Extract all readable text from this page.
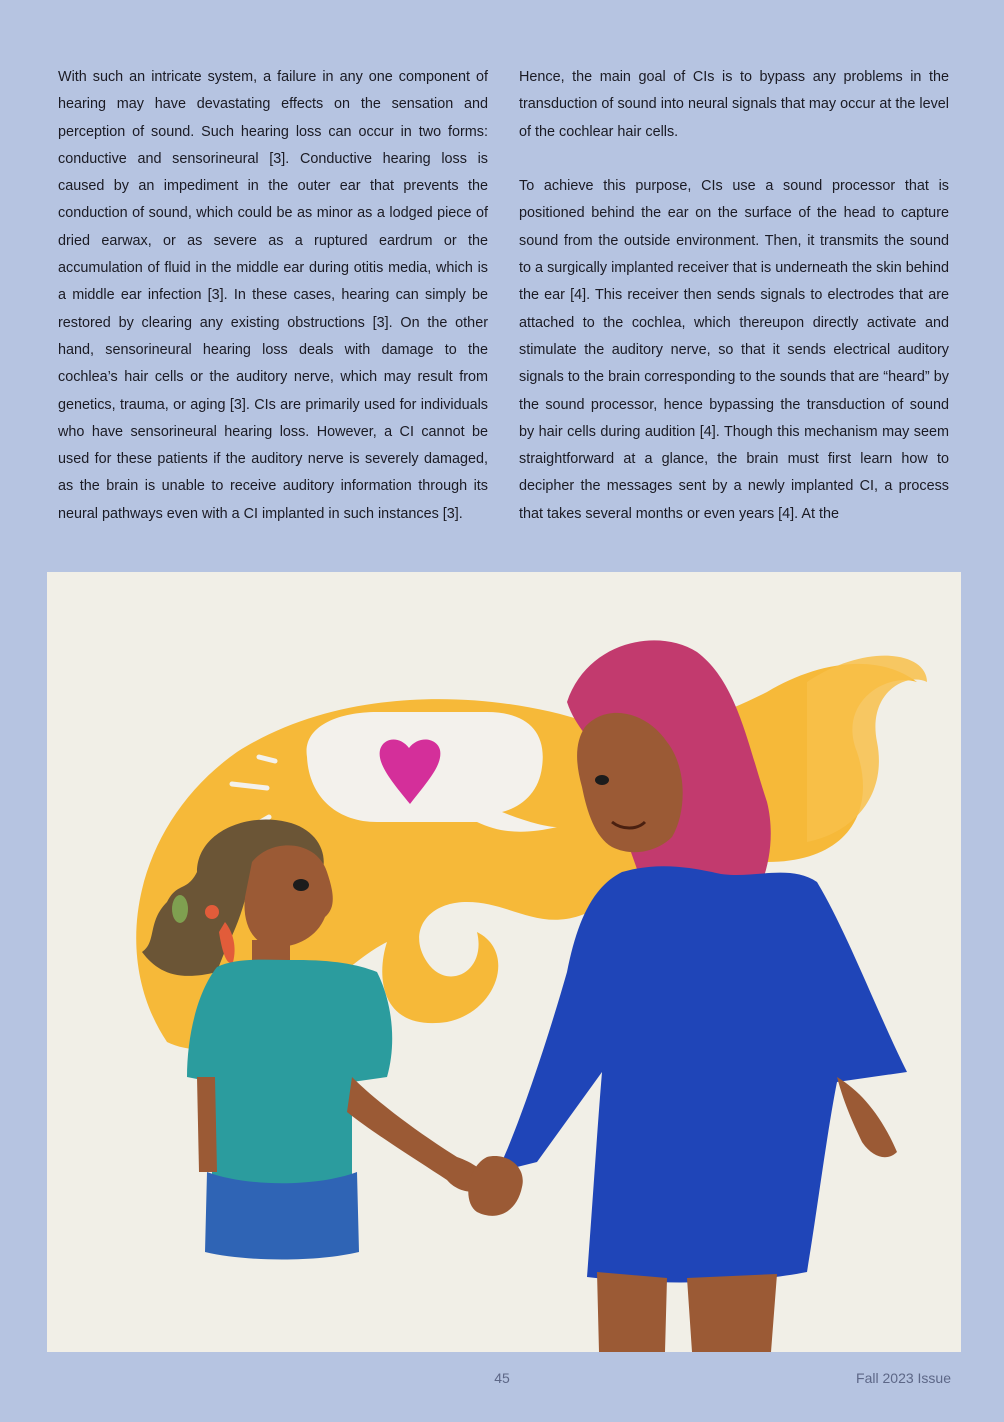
With such an intricate system, a failure in any one component of hearing may have devastating effects on the sensation and perception of sound. Such hearing loss can occur in two forms: conductive and sensorineural [3]. Conductive hearing loss is caused by an impediment in the outer ear that prevents the conduction of sound, which could be as minor as a lodged piece of dried earwax, or as severe as a ruptured eardrum or the accumulation of fluid in the middle ear during otitis media, which is a middle ear infection [3]. In these cases, hearing can simply be restored by clearing any existing obstructions [3]. On the other hand, sensorineural hearing loss deals with damage to the cochlea’s hair cells or the auditory nerve, which may result from genetics, trauma, or aging [3]. CIs are primarily used for individuals who have sensorineural hearing loss. However, a CI cannot be used for these patients if the auditory nerve is severely damaged, as the brain is unable to receive auditory information through its neural pathways even with a CI implanted in such instances [3].

Hence, the main goal of CIs is to bypass any problems in the transduction of sound into neural signals that may occur at the level of the cochlear hair cells.

To achieve this purpose, CIs use a sound processor that is positioned behind the ear on the surface of the head to capture sound from the outside environment. Then, it transmits the sound to a surgically implanted receiver that is underneath the skin behind the ear [4]. This receiver then sends signals to electrodes that are attached to the cochlea, which thereupon directly activate and stimulate the auditory nerve, so that it sends electrical auditory signals to the brain corresponding to the sounds that are “heard” by the sound processor, hence bypassing the transduction of sound by hair cells during audition [4]. Though this mechanism may seem straightforward at a glance, the brain must first learn how to decipher the messages sent by a newly implanted CI, a process that takes several months or even years [4]. At the

45	Fall 2023 Issue
